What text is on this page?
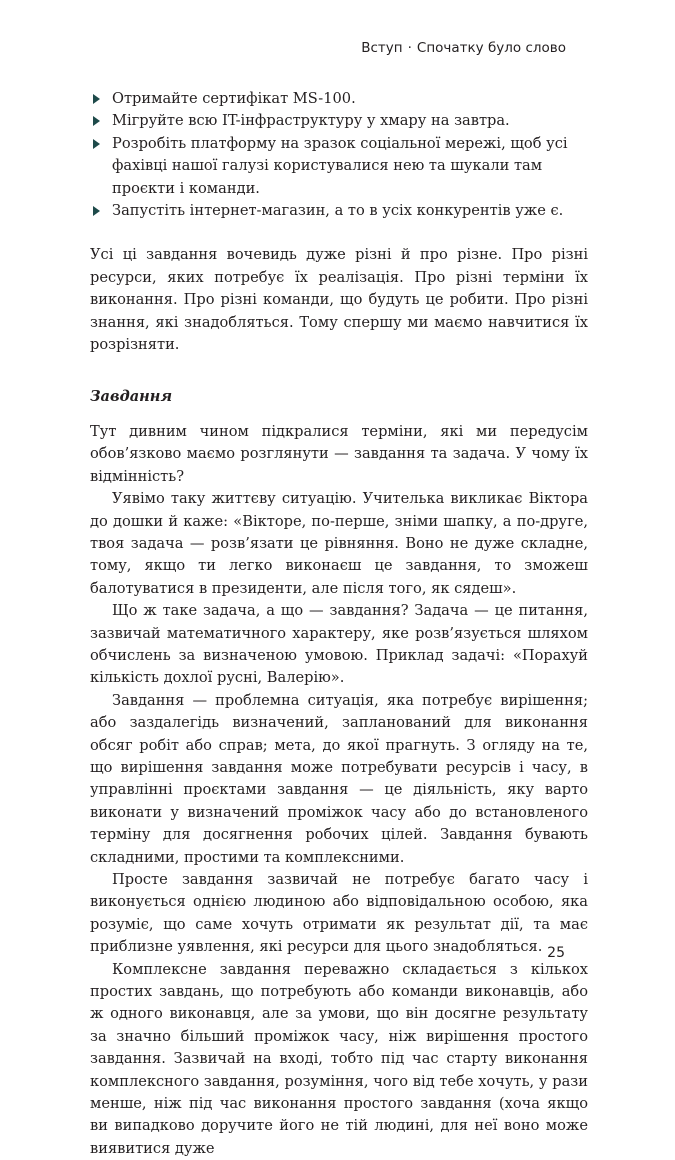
Вступ · Спочатку було слово
Отримайте сертифікат MS-100.
Мігруйте всю IT-інфраструктуру у хмару на завтра.
Розробіть платформу на зразок соціальної мережі, щоб усі фахівці нашої галузі користувалися нею та шукали там проєкти і команди.
Запустіть інтернет-магазин, а то в усіх конкурентів уже є.

Усі ці завдання вочевидь дуже різні й про різне. Про різні ресурси, яких потребує їх реалізація. Про різні терміни їх виконання. Про різні команди, що будуть це робити. Про різні знання, які знадобляться. Тому спершу ми маємо навчитися їх розрізняти.

Завдання

Тут дивним чином підкралися терміни, які ми передусім обов’язково маємо розглянути — завдання та задача. У чому їх відмінність?

Уявімо таку життєву ситуацію. Учителька викликає Віктора до дошки й каже: «Вікторе, по-перше, зніми шапку, а по-друге, твоя задача — розв’язати це рівняння. Воно не дуже складне, тому, якщо ти легко виконаєш це завдання, то зможеш балотуватися в президенти, але після того, як сядеш».

Що ж таке задача, а що — завдання? Задача — це питання, зазвичай математичного характеру, яке розв’язується шляхом обчислень за визначеною умовою. Приклад задачі: «Порахуй кількість дохлої русні, Валерію».

Завдання — проблемна ситуація, яка потребує вирішення; або заздалегідь визначений, запланований для виконання обсяг робіт або справ; мета, до якої прагнуть. З огляду на те, що вирішення завдання може потребувати ресурсів і часу, в управлінні проєктами завдання — це діяльність, яку варто виконати у визначений проміжок часу або до встановленого терміну для досягнення робочих цілей. Завдання бувають складними, простими та комплексними.

Просте завдання зазвичай не потребує багато часу і виконується однією людиною або відповідальною особою, яка розуміє, що саме хочуть отримати як результат дії, та має приблизне уявлення, які ресурси для цього знадобляться.

Комплексне завдання переважно складається з кількох простих завдань, що потребують або команди виконавців, або ж одного виконавця, але за умови, що він досягне результату за значно більший проміжок часу, ніж вирішення простого завдання. Зазвичай на вході, тобто під час старту виконання комплексного завдання, розуміння, чого від тебе хочуть, у рази менше, ніж під час виконання простого завдання (хоча якщо ви випадково доручите його не тій людині, для неї воно може виявитися дуже

25
